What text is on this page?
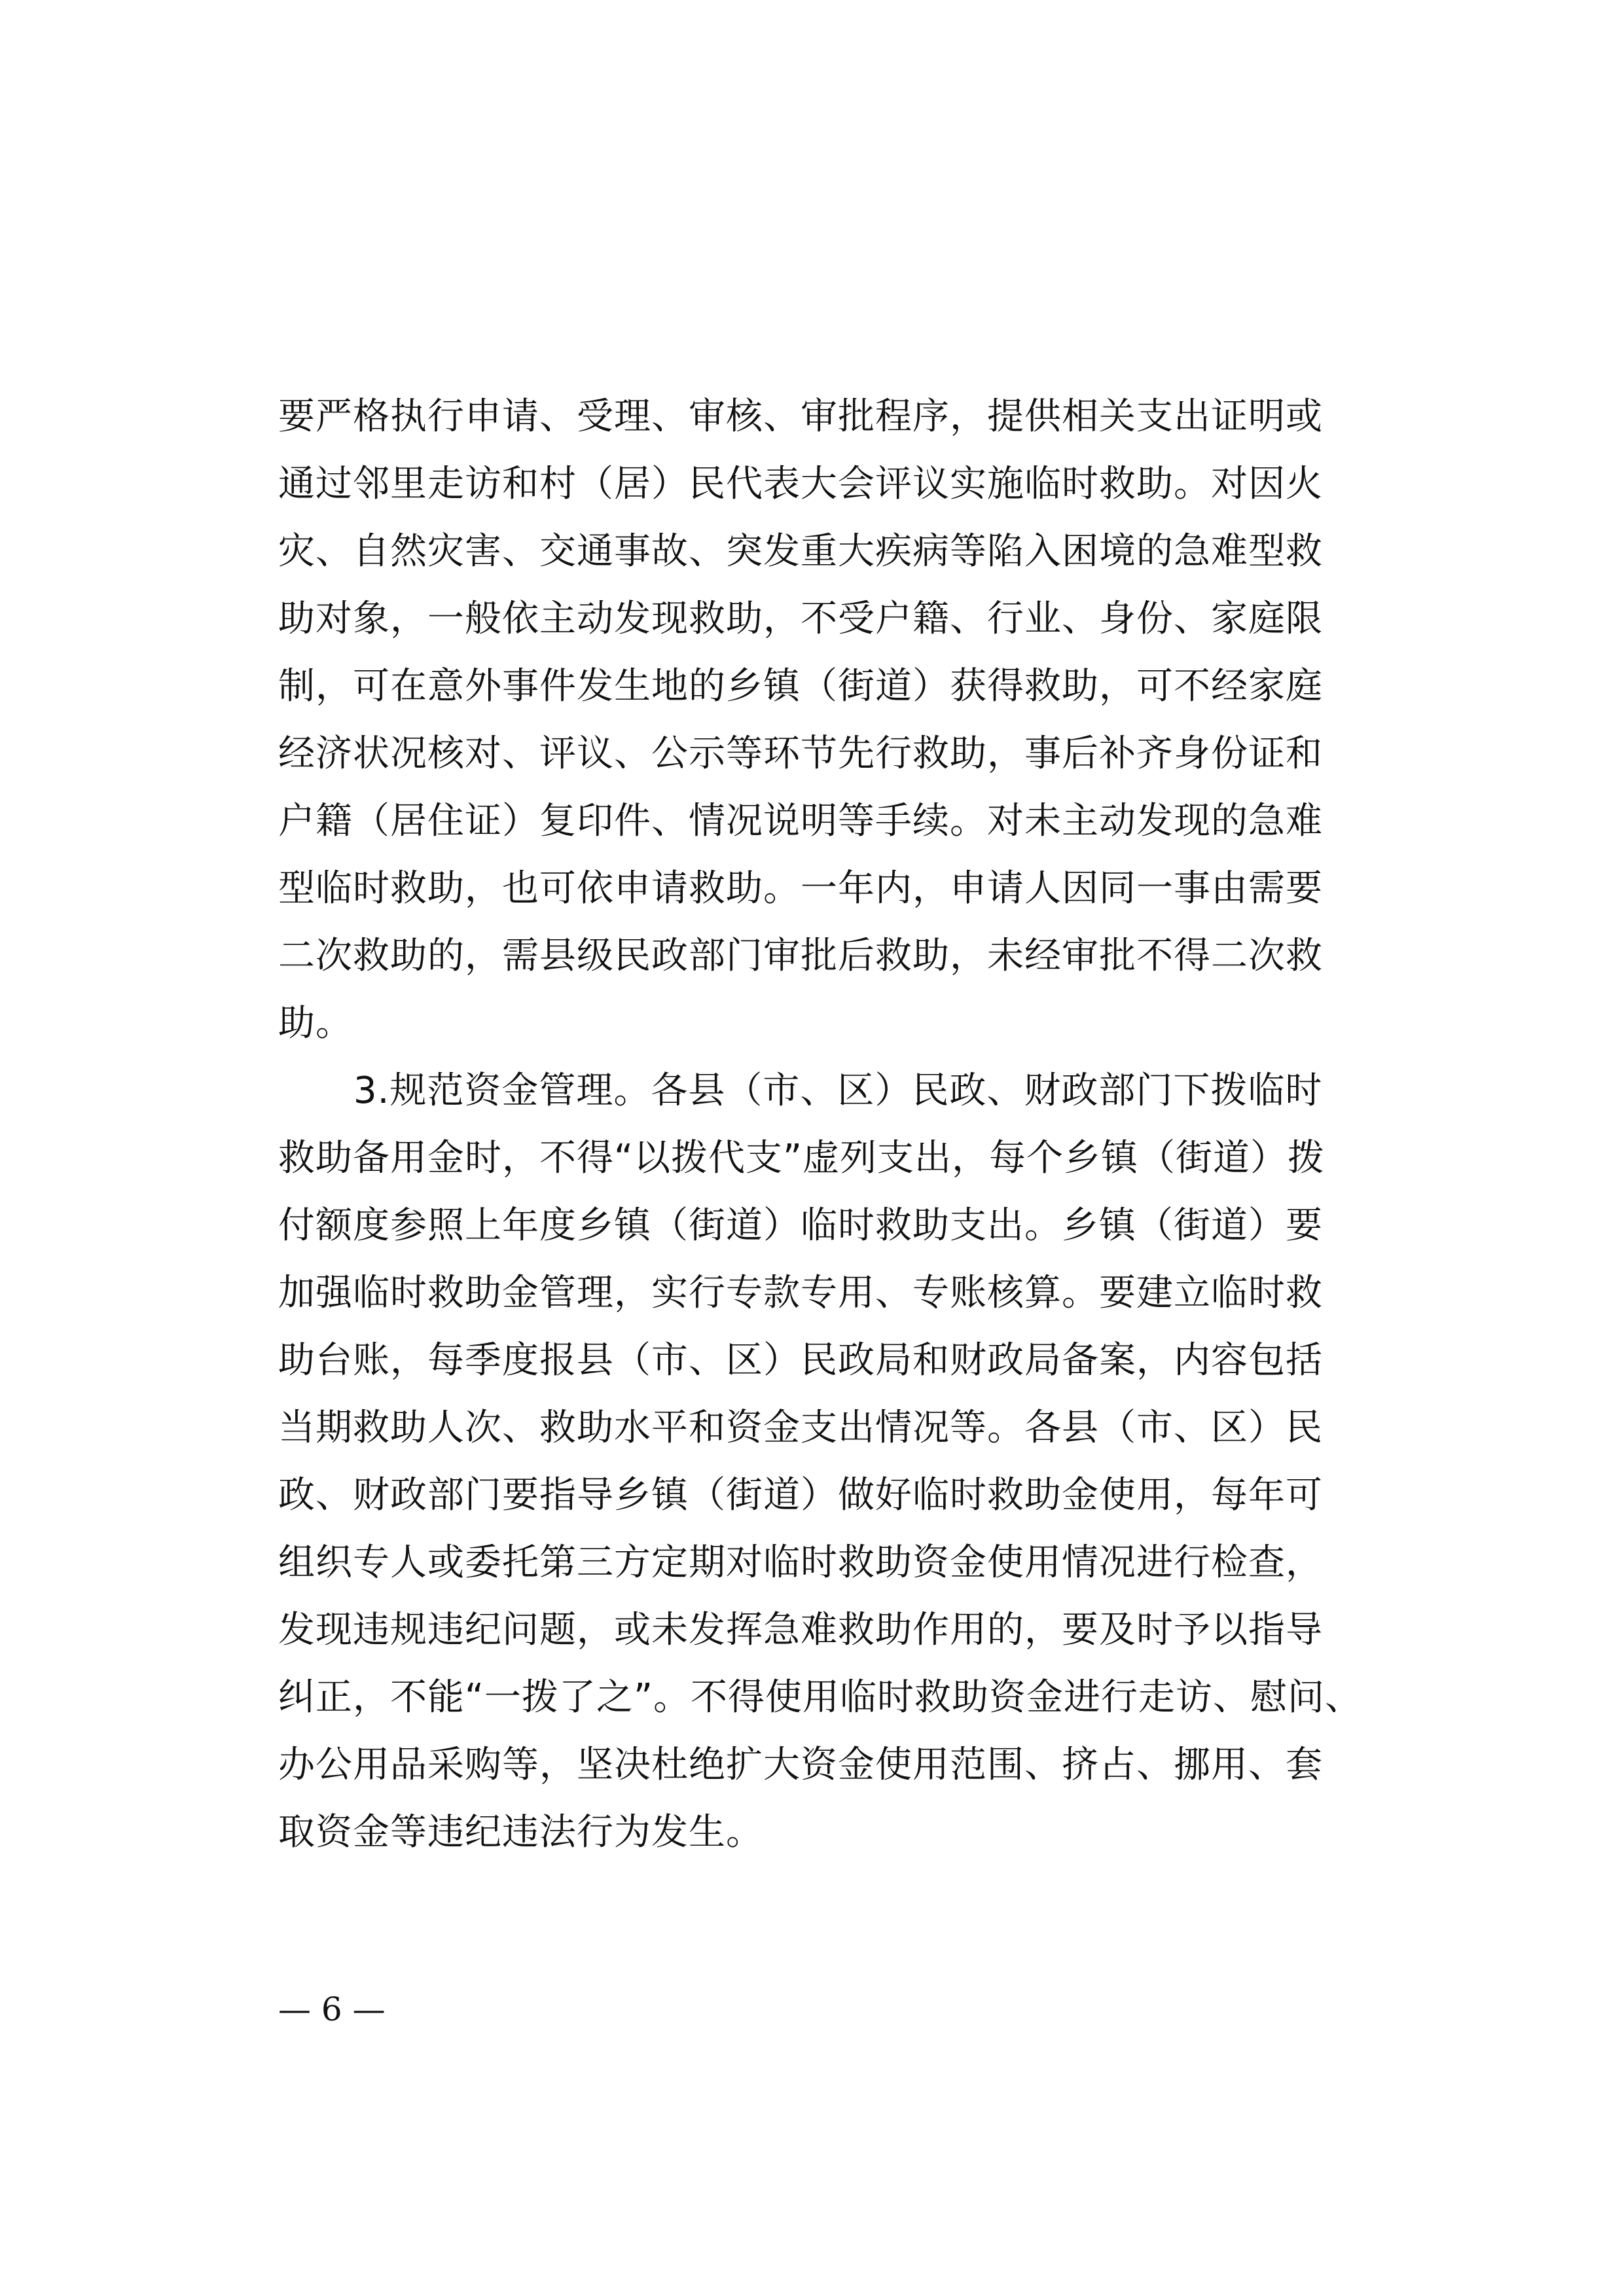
要严格执行申请、受理、审核、审批程序，提供相关支出证明或
通过邻里走访和村（居）民代表大会评议实施临时救助。对因火
灾、自然灾害、交通事故、突发重大疾病等陷入困境的急难型救
助对象，一般依主动发现救助，不受户籍、行业、身份、家庭限
制，可在意外事件发生地的乡镇（街道）获得救助，可不经家庭
经济状况核对、评议、公示等环节先行救助，事后补齐身份证和
户籍（居住证）复印件、情况说明等手续。对未主动发现的急难
型临时救助，也可依申请救助。一年内，申请人因同一事由需要
二次救助的，需县级民政部门审批后救助，未经审批不得二次救
助。
3.规范资金管理。各县（市、区）民政、财政部门下拨临时
救助备用金时，不得“以拨代支”虚列支出，每个乡镇（街道）拨
付额度参照上年度乡镇（街道）临时救助支出。乡镇（街道）要
加强临时救助金管理，实行专款专用、专账核算。要建立临时救
助台账，每季度报县（市、区）民政局和财政局备案，内容包括
当期救助人次、救助水平和资金支出情况等。各县（市、区）民
政、财政部门要指导乡镇（街道）做好临时救助金使用，每年可
组织专人或委托第三方定期对临时救助资金使用情况进行检查，
发现违规违纪问题，或未发挥急难救助作用的，要及时予以指导
纠正，不能“一拨了之”。不得使用临时救助资金进行走访、慰问、
办公用品采购等，坚决杜绝扩大资金使用范围、挤占、挪用、套
取资金等违纪违法行为发生。
— 6 —
